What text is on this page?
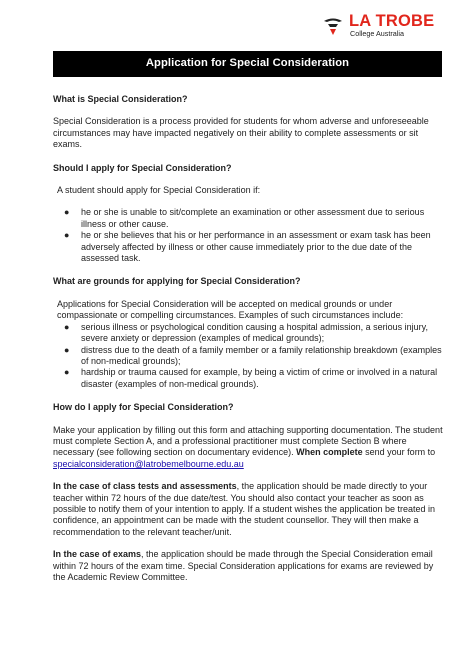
LA TROBE
College Australia
Application for Special Consideration

What is Special Consideration?

Special Consideration is a process provided for students for whom adverse and unforeseeable circumstances may have impacted negatively on their ability to complete assessments or sit exams.

Should I apply for Special Consideration?

A student should apply for Special Consideration if:

● he or she is unable to sit/complete an examination or other assessment due to serious illness or other cause.
● he or she believes that his or her performance in an assessment or exam task has been adversely affected by illness or other cause immediately prior to the due date of the assessed task.

What are grounds for applying for Special Consideration?

Applications for Special Consideration will be accepted on medical grounds or under compassionate or compelling circumstances. Examples of such circumstances include:

● serious illness or psychological condition causing a hospital admission, a serious injury, severe anxiety or depression (examples of medical grounds);
● distress due to the death of a family member or a family relationship breakdown (examples of non-medical grounds);
● hardship or trauma caused for example, by being a victim of crime or involved in a natural disaster (examples of non-medical grounds).

How do I apply for Special Consideration?

Make your application by filling out this form and attaching supporting documentation. The student must complete Section A, and a professional practitioner must complete Section B where necessary (see following section on documentary evidence). When complete send your form to specialconsideration@latrobemelbourne.edu.au

In the case of class tests and assessments, the application should be made directly to your teacher within 72 hours of the due date/test. You should also contact your teacher as soon as possible to notify them of your intention to apply. If a student wishes the application be treated in confidence, an appointment can be made with the student counsellor. They will then make a recommendation to the relevant teacher/unit.

In the case of exams, the application should be made through the Special Consideration email within 72 hours of the exam time. Special Consideration applications for exams are reviewed by the Academic Review Committee.
